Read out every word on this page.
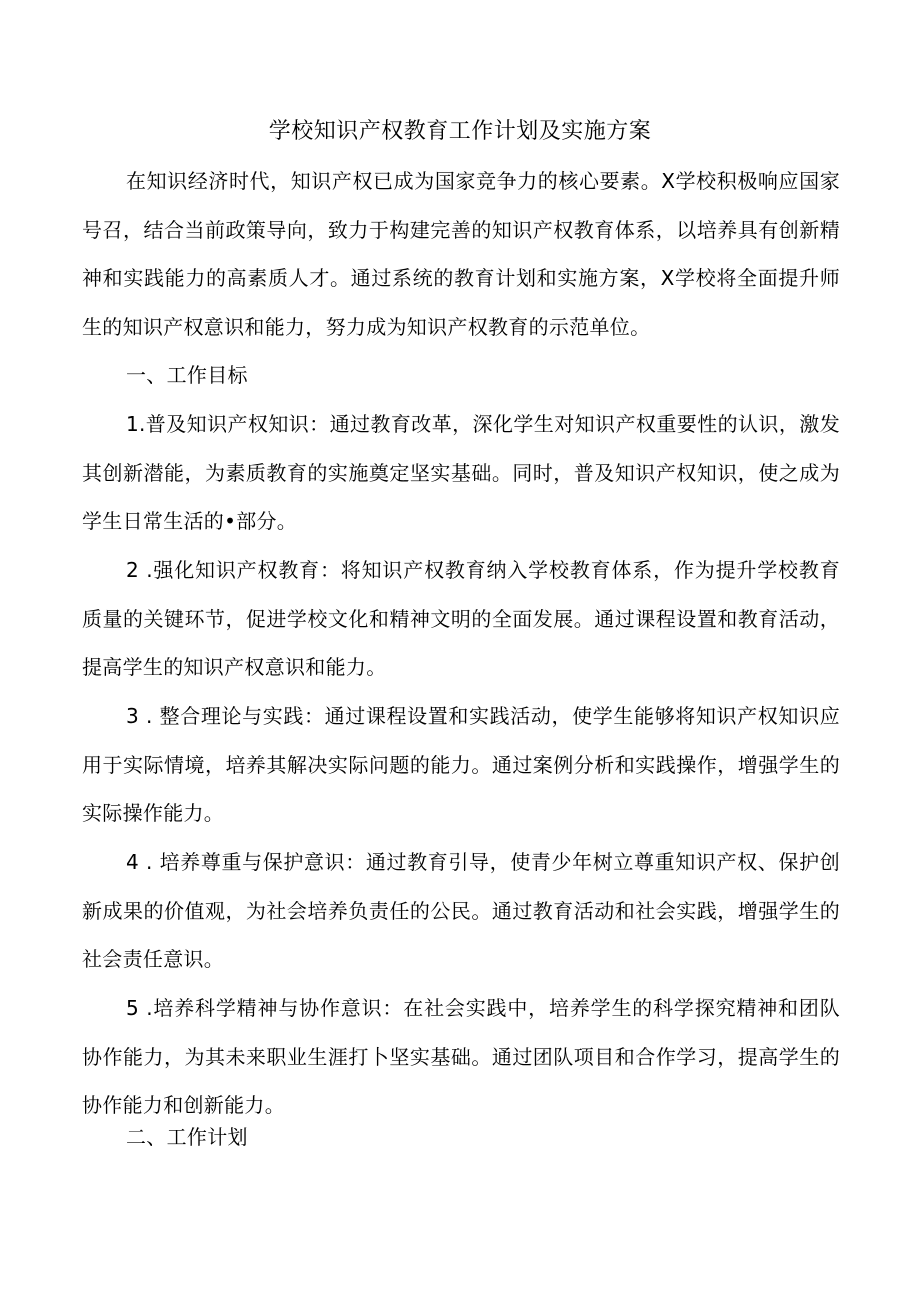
学校知识产权教育工作计划及实施方案

在知识经济时代，知识产权已成为国家竞争力的核心要素。X学校积极响应国家号召，结合当前政策导向，致力于构建完善的知识产权教育体系，以培养具有创新精神和实践能力的高素质人才。通过系统的教育计划和实施方案，X学校将全面提升师生的知识产权意识和能力，努力成为知识产权教育的示范单位。

一、工作目标

1.普及知识产权知识：通过教育改革，深化学生对知识产权重要性的认识，激发其创新潜能，为素质教育的实施奠定坚实基础。同时，普及知识产权知识，使之成为学生日常生活的•部分。

2 .强化知识产权教育：将知识产权教育纳入学校教育体系，作为提升学校教育质量的关键环节，促进学校文化和精神文明的全面发展。通过课程设置和教育活动，提高学生的知识产权意识和能力。

3 . 整合理论与实践：通过课程设置和实践活动，使学生能够将知识产权知识应用于实际情境，培养其解决实际问题的能力。通过案例分析和实践操作，增强学生的实际操作能力。

4 . 培养尊重与保护意识：通过教育引导，使青少年树立尊重知识产权、保护创新成果的价值观，为社会培养负责任的公民。通过教育活动和社会实践，增强学生的社会责任意识。

5 .培养科学精神与协作意识：在社会实践中，培养学生的科学探究精神和团队协作能力，为其未来职业生涯打卜坚实基础。通过团队项目和合作学习，提高学生的协作能力和创新能力。

二、工作计划
